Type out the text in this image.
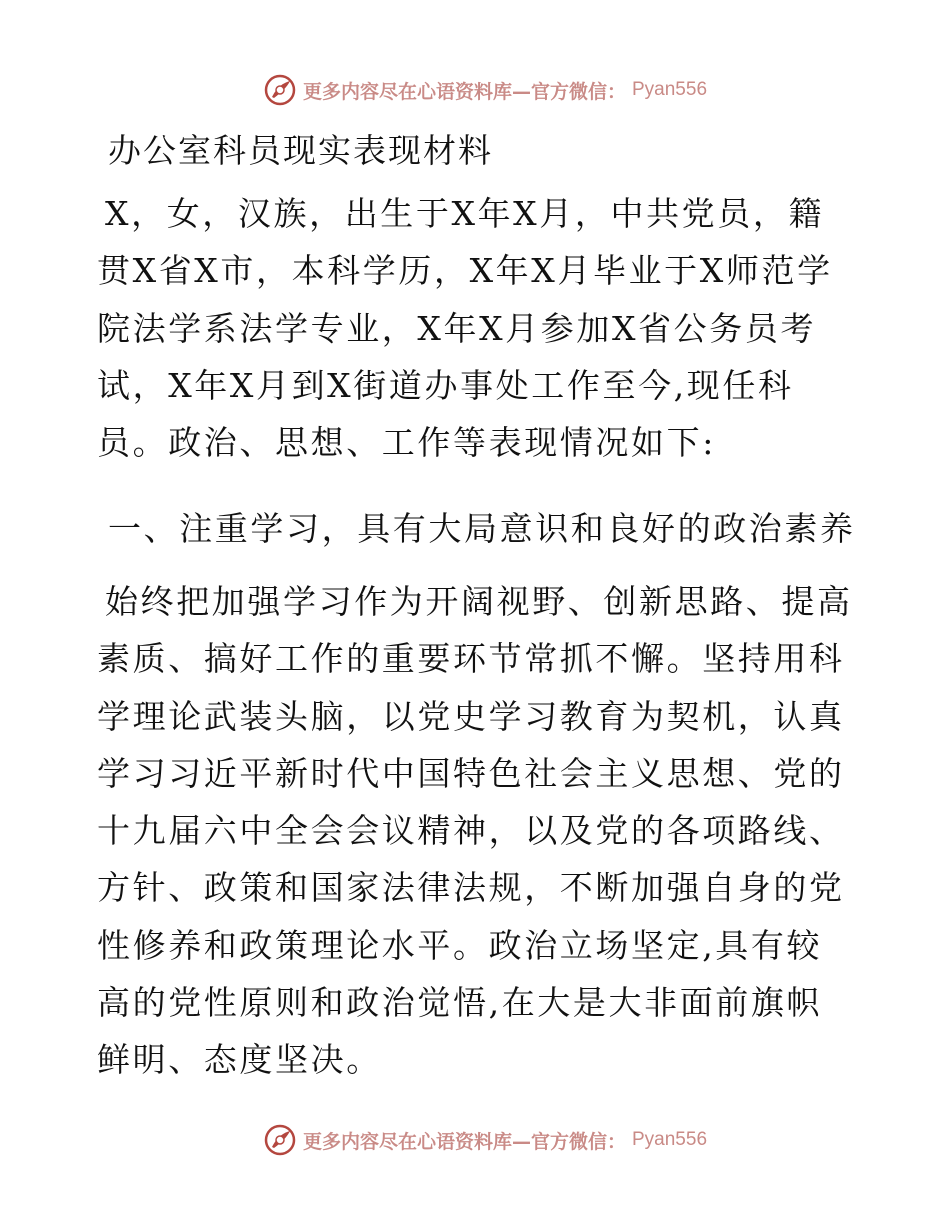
更多内容尽在心语资料库—官方微信： Pyan556
办公室科员现实表现材料

X，女，汉族，出生于X年X月，中共党员，籍贯X省X市，本科学历，X年X月毕业于X师范学院法学系法学专业，X年X月参加X省公务员考试，X年X月到X街道办事处工作至今,现任科员。政治、思想、工作等表现情况如下:

一、注重学习，具有大局意识和良好的政治素养

始终把加强学习作为开阔视野、创新思路、提高素质、搞好工作的重要环节常抓不懈。坚持用科学理论武装头脑，以党史学习教育为契机，认真学习习近平新时代中国特色社会主义思想、党的十九届六中全会会议精神，以及党的各项路线、方针、政策和国家法律法规，不断加强自身的党性修养和政策理论水平。政治立场坚定,具有较高的党性原则和政治觉悟,在大是大非面前旗帜鲜明、态度坚决。

更多内容尽在心语资料库—官方微信： Pyan556
